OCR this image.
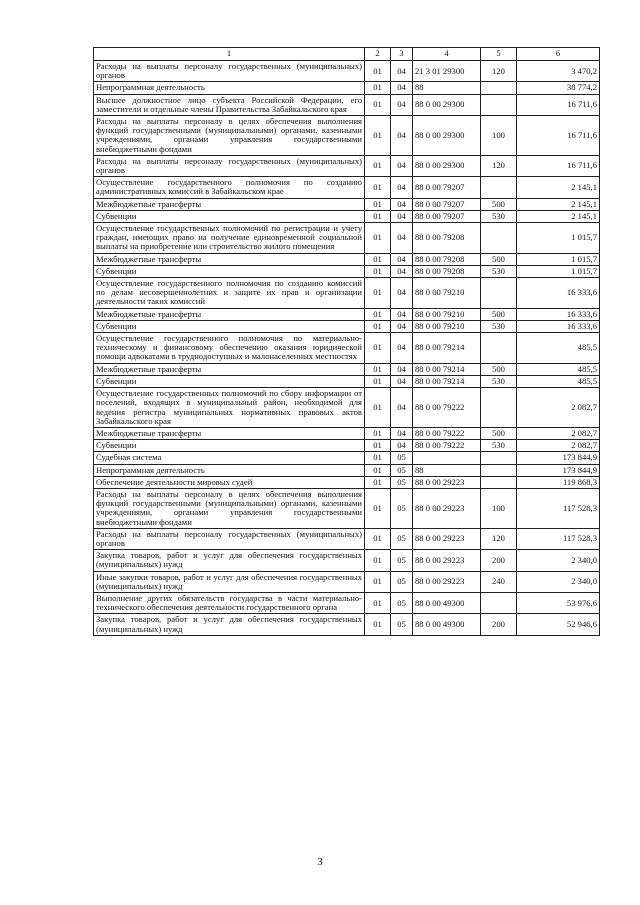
1	2	3	4	5	6
Расходы на выплаты персоналу государственных (муниципальных) органов	01	04	21 3 01 29300	120	3 470,2
Непрограммная деятельность	01	04	88		38 774,2
Высшее должностное лицо субъекта Российской Федерации, его заместители и отдельные члены Правительства Забайкальского края	01	04	88 0 00 29300		16 711,6
Расходы на выплаты персоналу в целях обеспечения выполнения функций государственными (муниципальными) органами, казенными учреждениями, органами управления государственными внебюджетными фондами	01	04	88 0 00 29300	100	16 711,6
Расходы на выплаты персоналу государственных (муниципальных) органов	01	04	88 0 00 29300	120	16 711,6
Осуществление государственного полномочия по созданию административных комиссий в Забайкальском крае	01	04	88 0 00 79207		2 145,1
Межбюджетные трансферты	01	04	88 0 00 79207	500	2 145,1
Субвенции	01	04	88 0 00 79207	530	2 145,1
Осуществление государственных полномочий по регистрации и учету граждан, имеющих право на получение единовременной социальной выплаты на приобретение или строительство жилого помещения	01	04	88 0 00 79208		1 015,7
Межбюджетные трансферты	01	04	88 0 00 79208	500	1 015,7
Субвенции	01	04	88 0 00 79208	530	1 015,7
Осуществление государственного полномочия по созданию комиссий по делам несовершеннолетних и защите их прав и организации деятельности таких комиссий	01	04	88 0 00 79210		16 333,6
Межбюджетные трансферты	01	04	88 0 00 79210	500	16 333,6
Субвенции	01	04	88 0 00 79210	530	16 333,6
Осуществление государственного полномочия по материально-техническому и финансовому обеспечению оказания юридической помощи адвокатами в труднодоступных и малонаселенных местностях	01	04	88 0 00 79214		485,5
Межбюджетные трансферты	01	04	88 0 00 79214	500	485,5
Субвенции	01	04	88 0 00 79214	530	485,5
Осуществление государственных полномочий по сбору информации от поселений, входящих в муниципальный район, необходимой для ведения регистра муниципальных нормативных правовых актов Забайкальского края	01	04	88 0 00 79222		2 082,7
Межбюджетные трансферты	01	04	88 0 00 79222	500	2 082,7
Субвенции	01	04	88 0 00 79222	530	2 082,7
Судебная система	01	05			173 844,9
Непрограммная деятельность	01	05	88		173 844,9
Обеспечение деятельности мировых судей	01	05	88 0 00 29223		119 868,3
Расходы на выплаты персоналу в целях обеспечения выполнения функций государственными (муниципальными) органами, казенными учреждениями, органами управления государственными внебюджетными фондами	01	05	88 0 00 29223	100	117 528,3
Расходы на выплаты персоналу государственных (муниципальных) органов	01	05	88 0 00 29223	120	117 528,3
Закупка товаров, работ и услуг для обеспечения государственных (муниципальных) нужд	01	05	88 0 00 29223	200	2 340,0
Иные закупки товаров, работ и услуг для обеспечения государственных (муниципальных) нужд	01	05	88 0 00 29223	240	2 340,0
Выполнение других обязательств государства в части материально-технического обеспечения деятельности государственного органа	01	05	88 0 00 49300		53 976,6
Закупка товаров, работ и услуг для обеспечения государственных (муниципальных) нужд	01	05	88 0 00 49300	200	52 946,6
3
